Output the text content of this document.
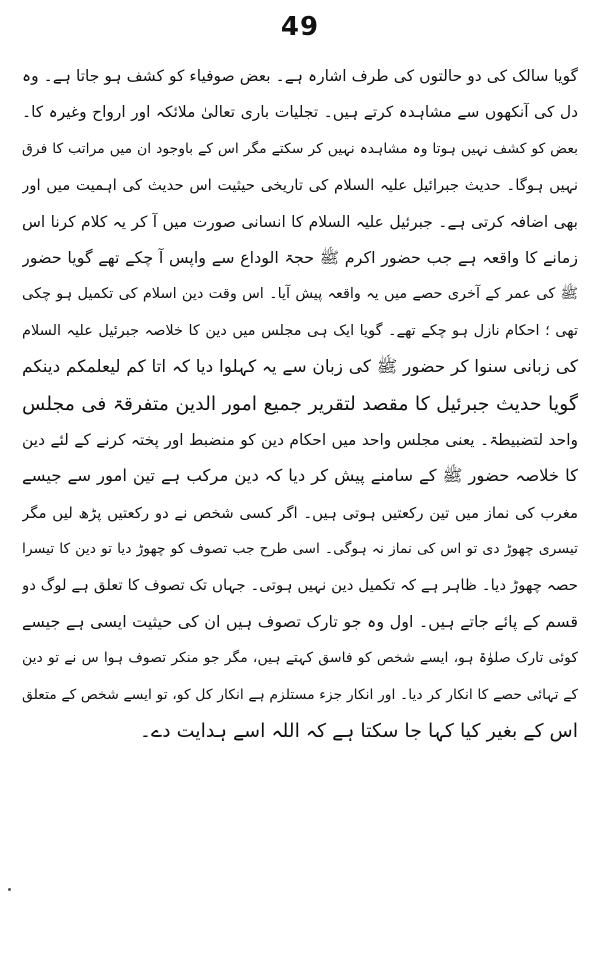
49
گویا سالک کی دو حالتوں کی طرف اشارہ ہے۔ بعض صوفیاء کو کشف ہو جاتا ہے۔ وہ
دل کی آنکھوں سے مشاہدہ کرتے ہیں۔ تجلیات باری تعالیٰ ملائکہ اور ارواح وغیرہ کا۔
بعض کو کشف نہیں ہوتا وہ مشاہدہ نہیں کر سکتے مگر اس کے باوجود ان میں مراتب کا فرق
نہیں ہوگا۔ حدیث جبرائیل علیہ السلام کی تاریخی حیثیت اس حدیث کی اہمیت میں اور
بھی اضافہ کرتی ہے۔ جبرئیل علیہ السلام کا انسانی صورت میں آ کر یہ کلام کرنا اس
زمانے کا واقعہ ہے جب حضور اکرم ﷺ حجۃ الوداع سے واپس آ چکے تھے گویا حضور
ﷺ کی عمر کے آخری حصے میں یہ واقعہ پیش آیا۔ اس وقت دین اسلام کی تکمیل ہو چکی
تھی ؛ احکام نازل ہو چکے تھے۔ گویا ایک ہی مجلس میں دین کا خلاصہ جبرئیل علیہ السلام
کی زبانی سنوا کر حضور ﷺ کی زبان سے یہ کہلوا دیا کہ اتا کم لیعلمکم دینکم
گویا حدیث جبرئیل کا مقصد لتقریر جمیع امور الدین متفرقۃ فی مجلس
واحد لتضبیطۃ۔ یعنی مجلس واحد میں احکام دین کو منضبط اور پختہ کرنے کے لئے دین
کا خلاصہ حضور ﷺ کے سامنے پیش کر دیا کہ دین مرکب ہے تین امور سے جیسے
مغرب کی نماز میں تین رکعتیں ہوتی ہیں۔ اگر کسی شخص نے دو رکعتیں پڑھ لیں مگر
تیسری چھوڑ دی تو اس کی نماز نہ ہوگی۔ اسی طرح جب تصوف کو چھوڑ دیا تو دین کا تیسرا
حصہ چھوڑ دیا۔ ظاہر ہے کہ تکمیل دین نہیں ہوتی۔ جہاں تک تصوف کا تعلق ہے لوگ دو
قسم کے پائے جاتے ہیں۔ اول وہ جو تارک تصوف ہیں ان کی حیثیت ایسی ہے جیسے
کوئی تارک صلوٰۃ ہو، ایسے شخص کو فاسق کہتے ہیں، مگر جو منکر تصوف ہوا س نے تو دین
کے تہائی حصے کا انکار کر دیا۔ اور انکار جزء مستلزم ہے انکار کل کو، تو ایسے شخص کے متعلق
اس کے بغیر کیا کہا جا سکتا ہے کہ اللہ اسے ہدایت دے۔
